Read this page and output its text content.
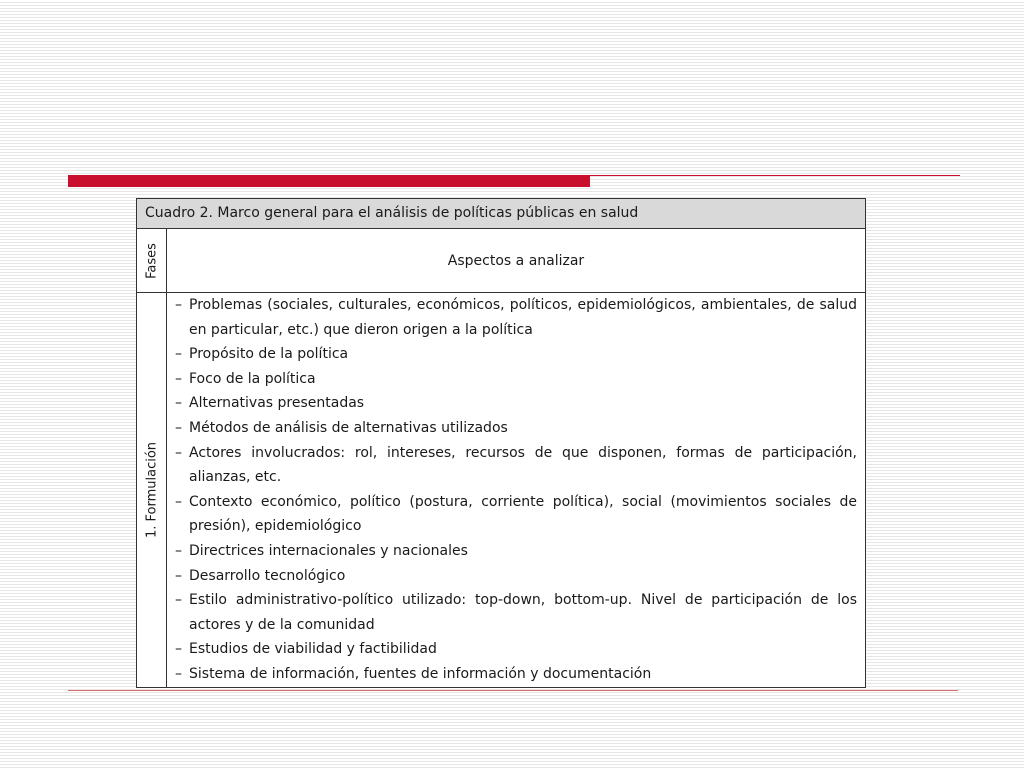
Cuadro 2. Marco general para el análisis de políticas públicas en salud
Fases	Aspectos a analizar
1. Formulación
– Problemas (sociales, culturales, económicos, políticos, epidemiológicos, ambientales, de salud en particular, etc.) que dieron origen a la política
– Propósito de la política
– Foco de la política
– Alternativas presentadas
– Métodos de análisis de alternativas utilizados
– Actores involucrados: rol, intereses, recursos de que disponen, formas de participación, alianzas, etc.
– Contexto económico, político (postura, corriente política), social (movimientos sociales de presión), epidemiológico
– Directrices internacionales y nacionales
– Desarrollo tecnológico
– Estilo administrativo-político utilizado: top-down, bottom-up. Nivel de participación de los actores y de la comunidad
– Estudios de viabilidad y factibilidad
– Sistema de información, fuentes de información y documentación
